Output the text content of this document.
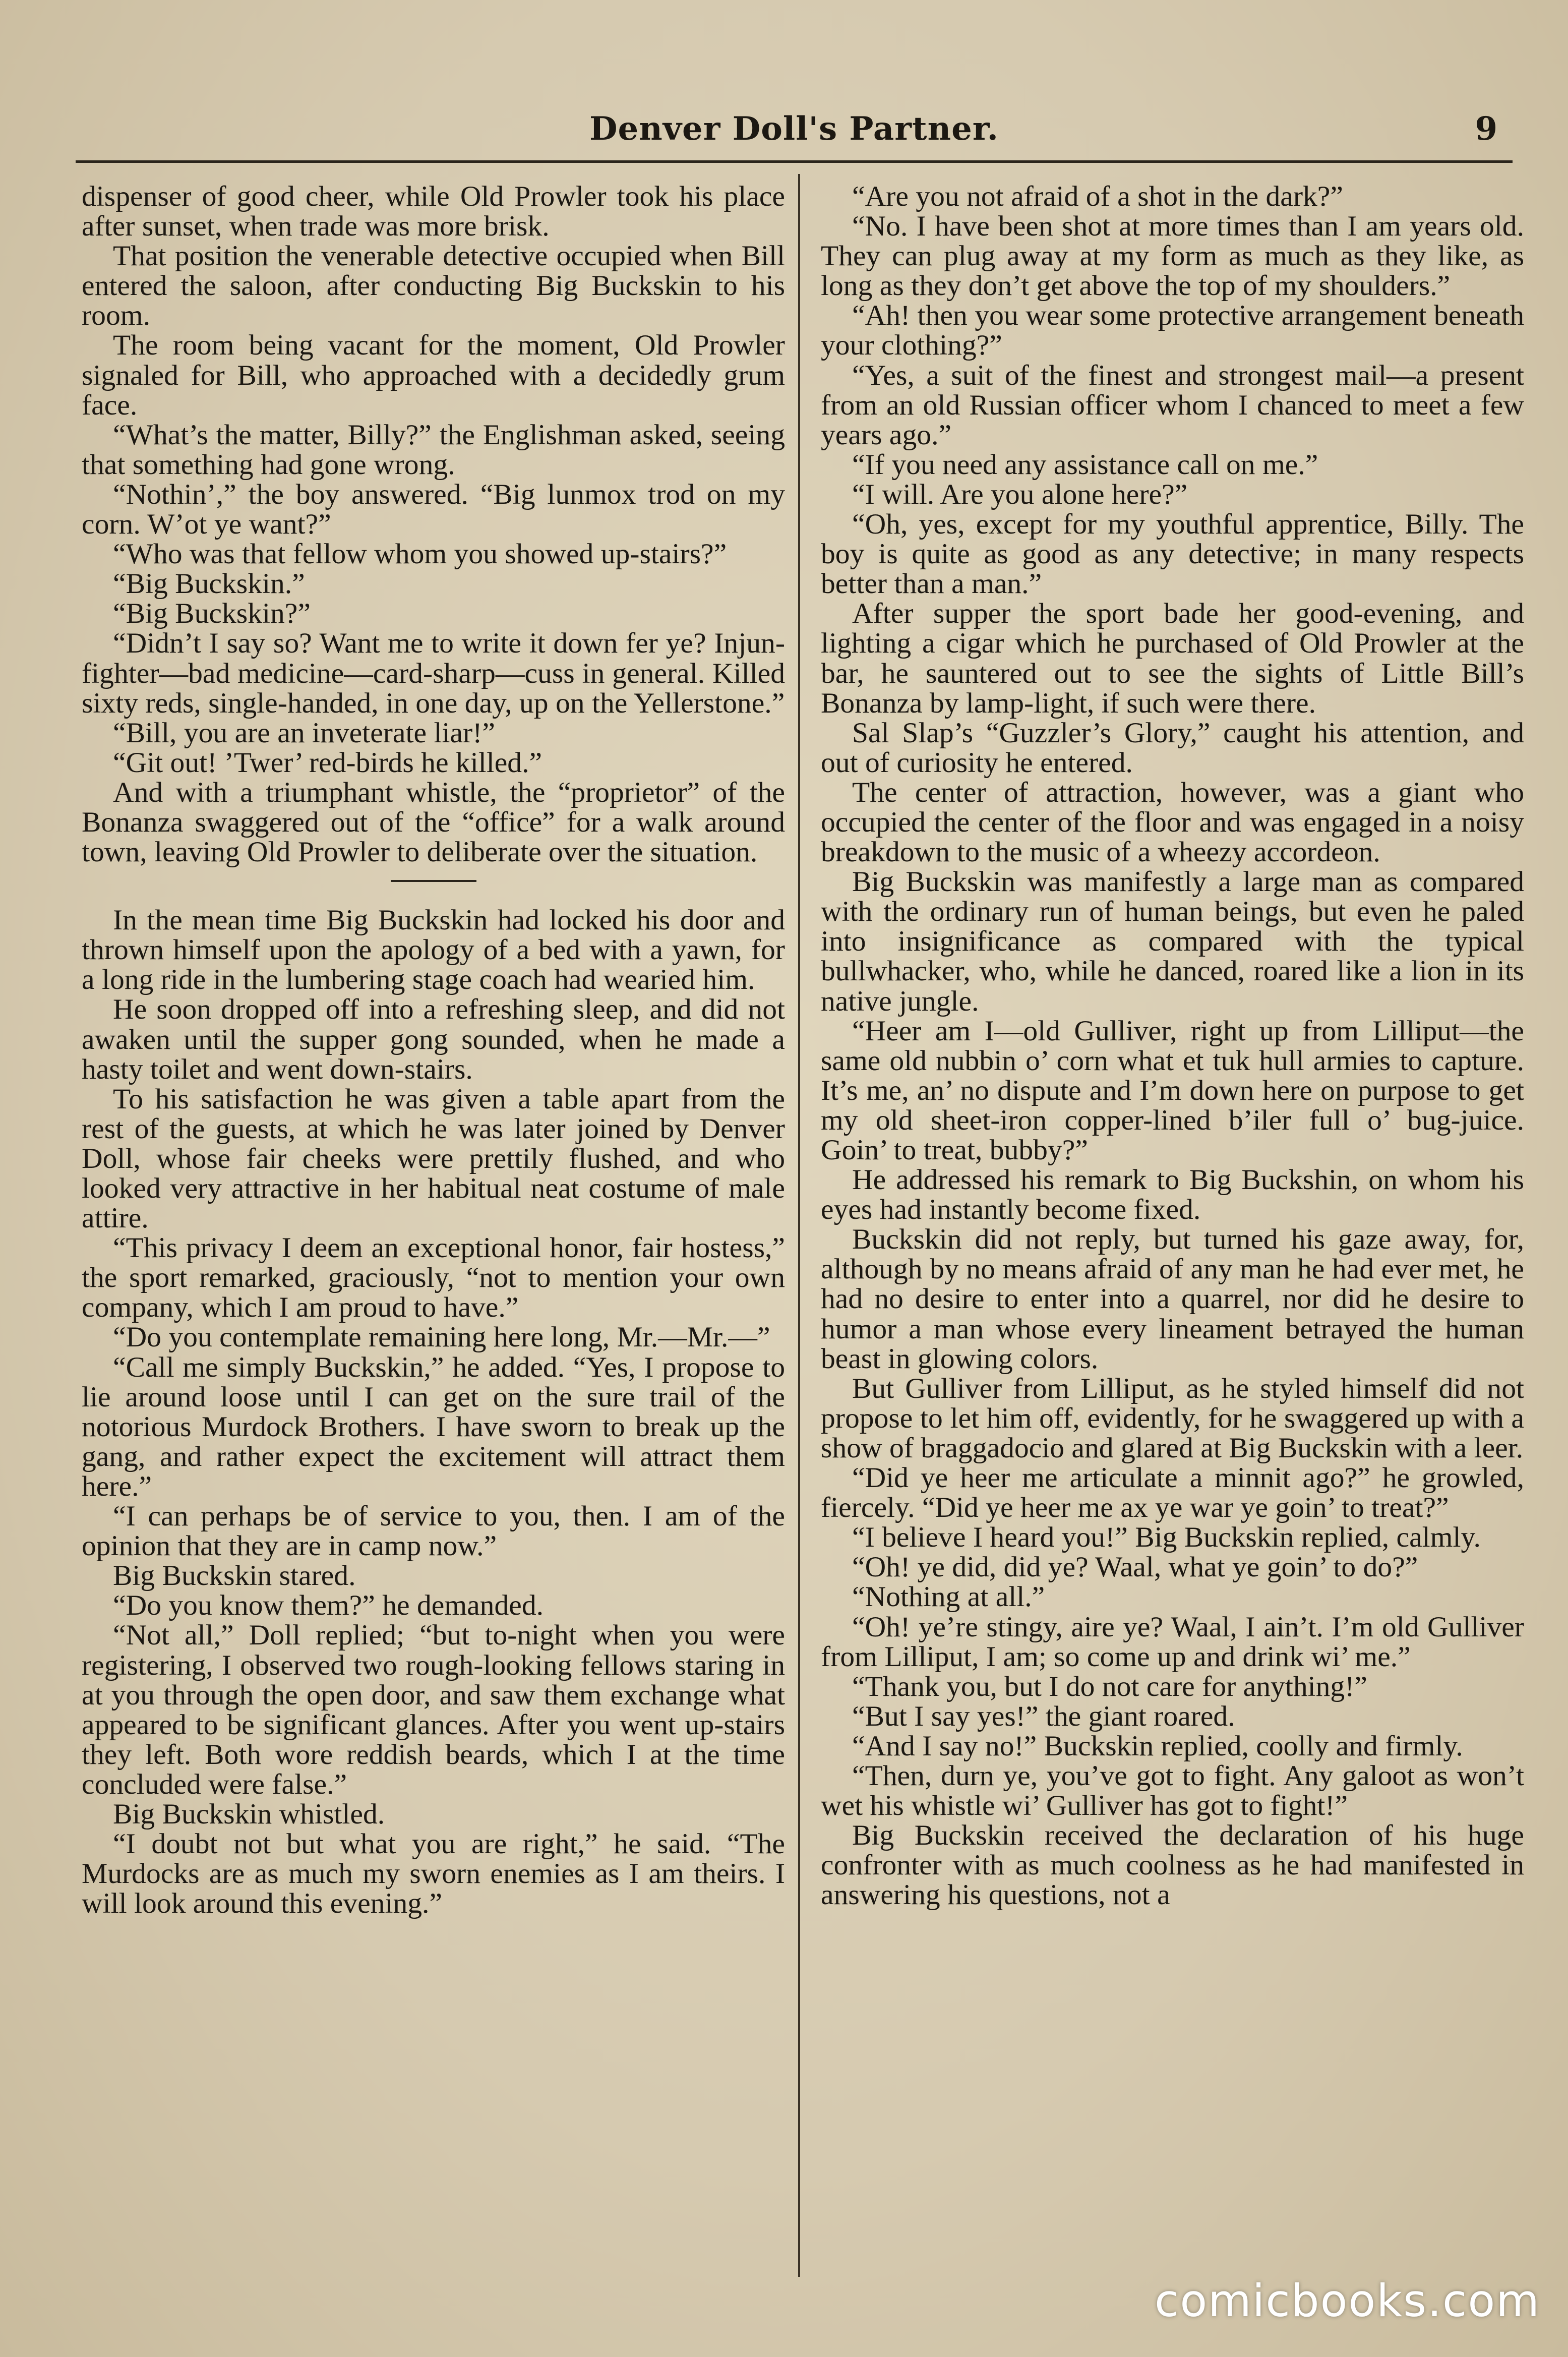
Denver Doll's Partner.	9

dispenser of good cheer, while Old Prowler took his place after sunset, when trade was more brisk.

That position the venerable detective occupied when Bill entered the saloon, after conducting Big Buckskin to his room.

The room being vacant for the moment, Old Prowler signaled for Bill, who approached with a decidedly grum face.

“What’s the matter, Billy?” the Englishman asked, seeing that something had gone wrong.

“Nothin’,” the boy answered. “Big lunmox trod on my corn. W’ot ye want?”

“Who was that fellow whom you showed up-stairs?”

“Big Buckskin.”

“Big Buckskin?”

“Didn’t I say so? Want me to write it down fer ye? Injun-fighter—bad medicine—card-sharp—cuss in general. Killed sixty reds, single-handed, in one day, up on the Yellerstone.”

“Bill, you are an inveterate liar!”

“Git out! ’Twer’ red-birds he killed.”

And with a triumphant whistle, the “proprietor” of the Bonanza swaggered out of the “office” for a walk around town, leaving Old Prowler to deliberate over the situation.

In the mean time Big Buckskin had locked his door and thrown himself upon the apology of a bed with a yawn, for a long ride in the lumbering stage coach had wearied him.

He soon dropped off into a refreshing sleep, and did not awaken until the supper gong sounded, when he made a hasty toilet and went down-stairs.

To his satisfaction he was given a table apart from the rest of the guests, at which he was later joined by Denver Doll, whose fair cheeks were prettily flushed, and who looked very attractive in her habitual neat costume of male attire.

“This privacy I deem an exceptional honor, fair hostess,” the sport remarked, graciously, “not to mention your own company, which I am proud to have.”

“Do you contemplate remaining here long, Mr.—Mr.—”

“Call me simply Buckskin,” he added. “Yes, I propose to lie around loose until I can get on the sure trail of the notorious Murdock Brothers. I have sworn to break up the gang, and rather expect the excitement will attract them here.”

“I can perhaps be of service to you, then. I am of the opinion that they are in camp now.”

Big Buckskin stared.

“Do you know them?” he demanded.

“Not all,” Doll replied; “but to-night when you were registering, I observed two rough-looking fellows staring in at you through the open door, and saw them exchange what appeared to be significant glances. After you went up-stairs they left. Both wore reddish beards, which I at the time concluded were false.”

Big Buckskin whistled.

“I doubt not but what you are right,” he said. “The Murdocks are as much my sworn enemies as I am theirs. I will look around this evening.”

“Are you not afraid of a shot in the dark?”

“No. I have been shot at more times than I am years old. They can plug away at my form as much as they like, as long as they don’t get above the top of my shoulders.”

“Ah! then you wear some protective arrangement beneath your clothing?”

“Yes, a suit of the finest and strongest mail—a present from an old Russian officer whom I chanced to meet a few years ago.”

“If you need any assistance call on me.”

“I will. Are you alone here?”

“Oh, yes, except for my youthful apprentice, Billy. The boy is quite as good as any detective; in many respects better than a man.”

After supper the sport bade her good-evening, and lighting a cigar which he purchased of Old Prowler at the bar, he sauntered out to see the sights of Little Bill’s Bonanza by lamp-light, if such were there.

Sal Slap’s “Guzzler’s Glory,” caught his attention, and out of curiosity he entered.

The center of attraction, however, was a giant who occupied the center of the floor and was engaged in a noisy breakdown to the music of a wheezy accordeon.

Big Buckskin was manifestly a large man as compared with the ordinary run of human beings, but even he paled into insignificance as compared with the typical bullwhacker, who, while he danced, roared like a lion in its native jungle.

“Heer am I—old Gulliver, right up from Lilliput—the same old nubbin o’ corn what et tuk hull armies to capture. It’s me, an’ no dispute and I’m down here on purpose to get my old sheet-iron copper-lined b’iler full o’ bug-juice. Goin’ to treat, bubby?”

He addressed his remark to Big Buckshin, on whom his eyes had instantly become fixed.

Buckskin did not reply, but turned his gaze away, for, although by no means afraid of any man he had ever met, he had no desire to enter into a quarrel, nor did he desire to humor a man whose every lineament betrayed the human beast in glowing colors.

But Gulliver from Lilliput, as he styled himself did not propose to let him off, evidently, for he swaggered up with a show of braggadocio and glared at Big Buckskin with a leer.

“Did ye heer me articulate a minnit ago?” he growled, fiercely. “Did ye heer me ax ye war ye goin’ to treat?”

“I believe I heard you!” Big Buckskin replied, calmly.

“Oh! ye did, did ye? Waal, what ye goin’ to do?”

“Nothing at all.”

“Oh! ye’re stingy, aire ye? Waal, I ain’t. I’m old Gulliver from Lilliput, I am; so come up and drink wi’ me.”

“Thank you, but I do not care for anything!”

“But I say yes!” the giant roared.

“And I say no!” Buckskin replied, coolly and firmly.

“Then, durn ye, you’ve got to fight. Any galoot as won’t wet his whistle wi’ Gulliver has got to fight!”

Big Buckskin received the declaration of his huge confronter with as much coolness as he had manifested in answering his questions, not a

comicbooks.com
